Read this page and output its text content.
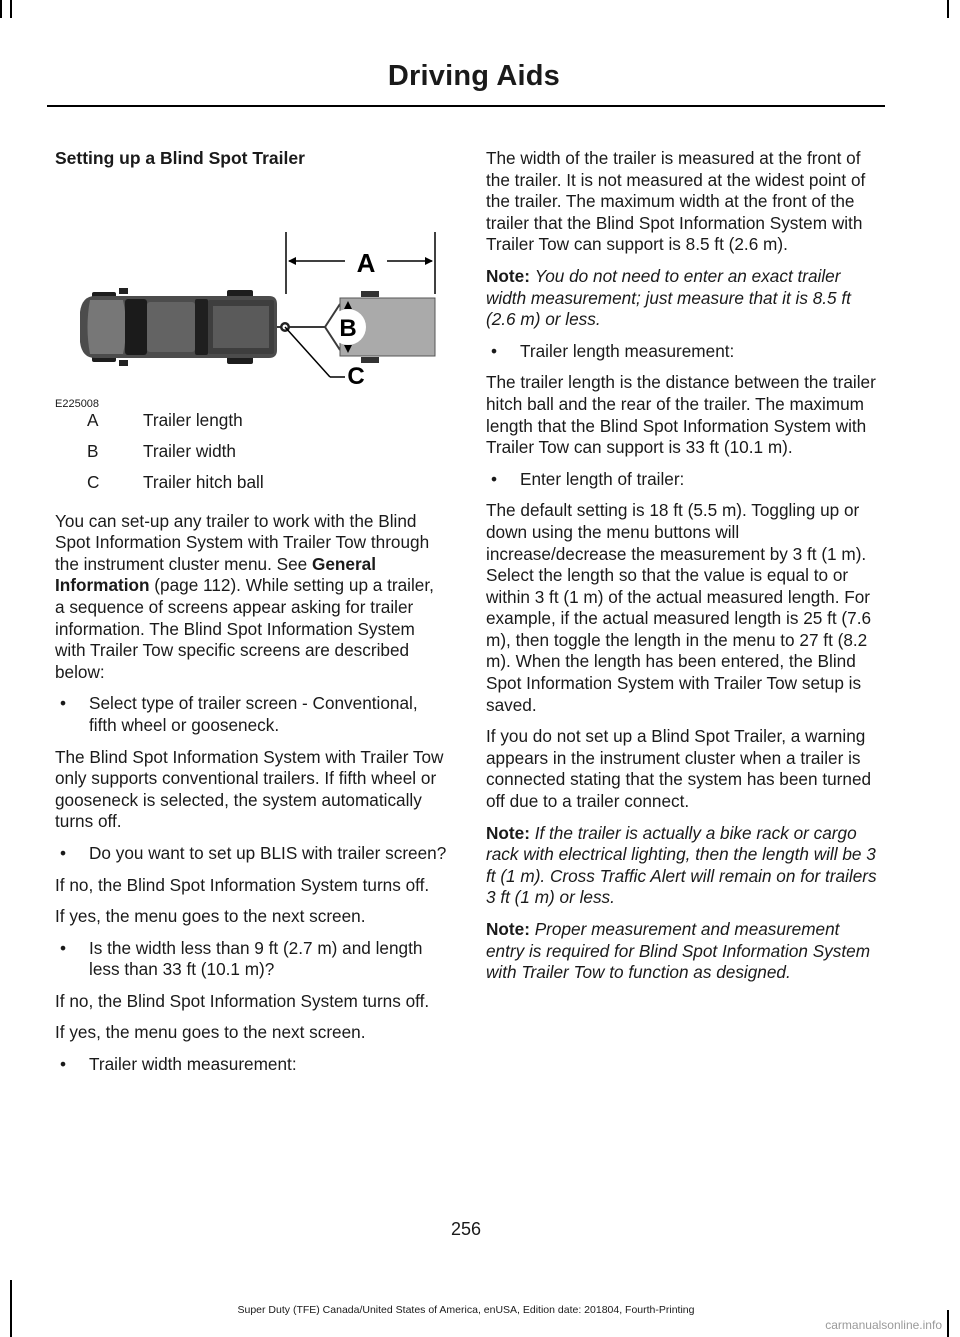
Driving Aids

Setting up a Blind Spot Trailer

A
B
C
E225008
A	Trailer length
B	Trailer width
C	Trailer hitch ball

You can set-up any trailer to work with the Blind Spot Information System with Trailer Tow through the instrument cluster menu. See General Information (page 112). While setting up a trailer, a sequence of screens appear asking for trailer information. The Blind Spot Information System with Trailer Tow specific screens are described below:

•	Select type of trailer screen - Conventional, fifth wheel or gooseneck.

The Blind Spot Information System with Trailer Tow only supports conventional trailers. If fifth wheel or gooseneck is selected, the system automatically turns off.

•	Do you want to set up BLIS with trailer screen?

If no, the Blind Spot Information System turns off.

If yes, the menu goes to the next screen.

•	Is the width less than 9 ft (2.7 m) and length less than 33 ft (10.1 m)?

If no, the Blind Spot Information System turns off.

If yes, the menu goes to the next screen.

•	Trailer width measurement:

The width of the trailer is measured at the front of the trailer. It is not measured at the widest point of the trailer. The maximum width at the front of the trailer that the Blind Spot Information System with Trailer Tow can support is 8.5 ft (2.6 m).

Note: You do not need to enter an exact trailer width measurement; just measure that it is 8.5 ft (2.6 m) or less.

•	Trailer length measurement:

The trailer length is the distance between the trailer hitch ball and the rear of the trailer. The maximum length that the Blind Spot Information System with Trailer Tow can support is 33 ft (10.1 m).

•	Enter length of trailer:

The default setting is 18 ft (5.5 m). Toggling up or down using the menu buttons will increase/decrease the measurement by 3 ft (1 m). Select the length so that the value is equal to or within 3 ft (1 m) of the actual measured length. For example, if the actual measured length is 25 ft (7.6 m), then toggle the length in the menu to 27 ft (8.2 m). When the length has been entered, the Blind Spot Information System with Trailer Tow setup is saved.

If you do not set up a Blind Spot Trailer, a warning appears in the instrument cluster when a trailer is connected stating that the system has been turned off due to a trailer connect.

Note: If the trailer is actually a bike rack or cargo rack with electrical lighting, then the length will be 3 ft (1 m). Cross Traffic Alert will remain on for trailers 3 ft (1 m) or less.

Note: Proper measurement and measurement entry is required for Blind Spot Information System with Trailer Tow to function as designed.

256
Super Duty (TFE) Canada/United States of America, enUSA, Edition date: 201804, Fourth-Printing
carmanualsonline.info
